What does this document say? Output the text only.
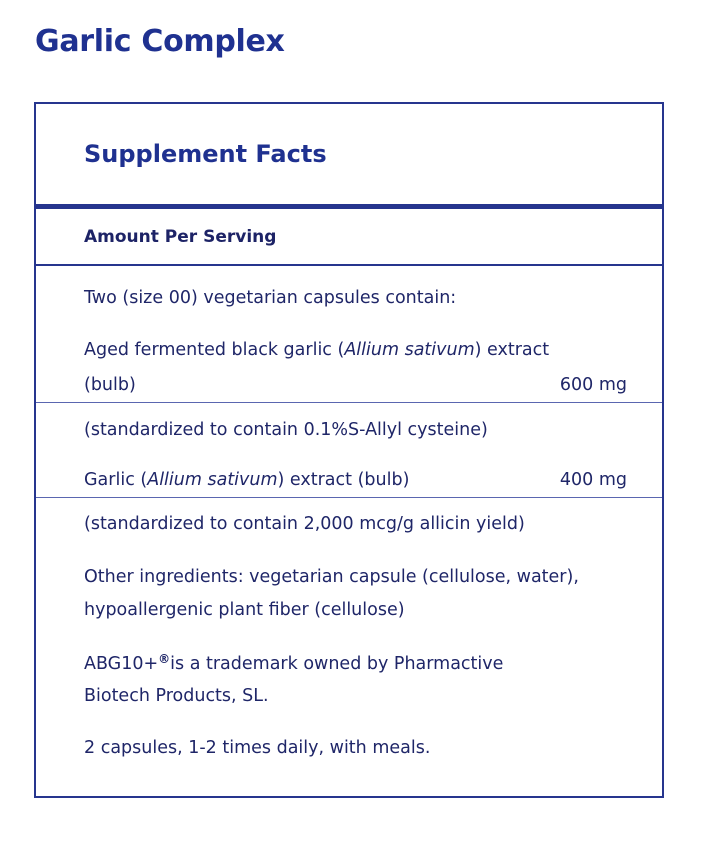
Garlic Complex
Supplement Facts
Amount Per Serving
Two (size 00) vegetarian capsules contain:
Aged fermented black garlic (Allium sativum) extract
(bulb)	600 mg
(standardized to contain 0.1%S-Allyl cysteine)
Garlic (Allium sativum) extract (bulb)	400 mg
(standardized to contain 2,000 mcg/g allicin yield)
Other ingredients: vegetarian capsule (cellulose, water),
hypoallergenic plant fiber (cellulose)
ABG10+®is a trademark owned by Pharmactive
Biotech Products, SL.
2 capsules, 1-2 times daily, with meals.
